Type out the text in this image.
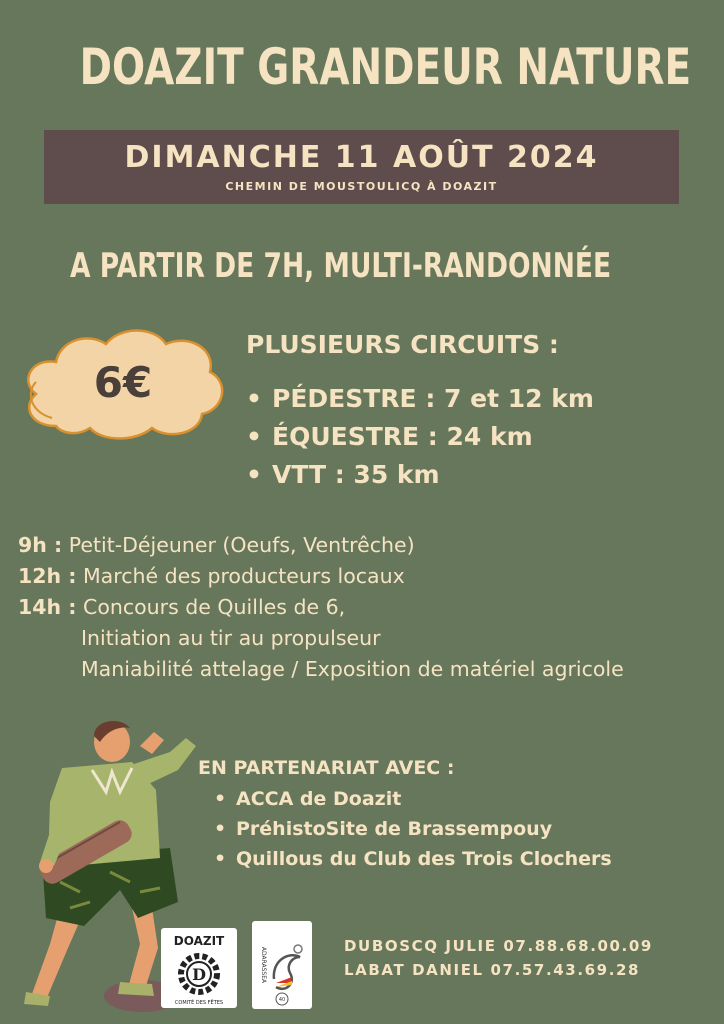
DOAZIT GRANDEUR NATURE
DIMANCHE 11 AOÛT 2024
CHEMIN DE MOUSTOULICQ À DOAZIT
A PARTIR DE 7H, MULTI-RANDONNÉE
6€
PLUSIEURS CIRCUITS :
• PÉDESTRE : 7 et 12 km
• ÉQUESTRE : 24 km
• VTT : 35 km
9h : Petit-Déjeuner (Oeufs, Ventrêche)
12h : Marché des producteurs locaux
14h : Concours de Quilles de 6,
Initiation au tir au propulseur
Maniabilité attelage / Exposition de matériel agricole
EN PARTENARIAT AVEC :
• ACCA de Doazit
• PréhistoSite de Brassempouy
• Quillous du Club des Trois Clochers
D
DOAZIT
COMITÉ DES FÊTES
ADARASSEA
40
DUBOSCQ JULIE 07.88.68.00.09
LABAT DANIEL 07.57.43.69.28
